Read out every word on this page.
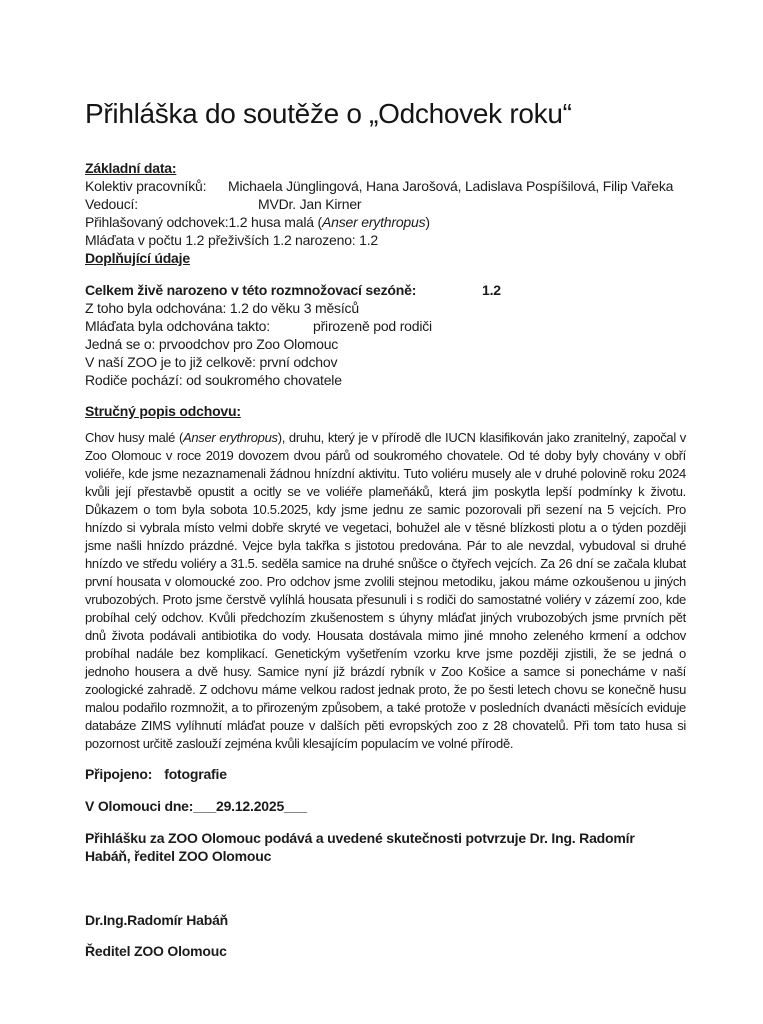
Přihláška do soutěže o „Odchovek roku“
Základní data:
Kolektiv pracovníků: Michaela Jünglingová, Hana Jarošová, Ladislava Pospíšilová, Filip Vařeka
Vedoucí:	MVDr. Jan Kirner
Přihlašovaný odchovek:1.2 husa malá (Anser erythropus)
Mláďata v počtu 1.2 přeživších 1.2 narozeno: 1.2
Doplňující údaje
Celkem živě narozeno v této rozmnožovací sezóně:	1.2
Z toho byla odchována: 1.2 do věku 3 měsíců
Mláďata byla odchována takto:	přirozeně pod rodiči
Jedná se o: prvoodchov pro Zoo Olomouc
V naší ZOO je to již celkově: první odchov
Rodiče pochází: od soukromého chovatele
Stručný popis odchovu:

Chov husy malé (Anser erythropus), druhu, který je v přírodě dle IUCN klasifikován jako zranitelný, započal v Zoo Olomouc v roce 2019 dovozem dvou párů od soukromého chovatele. Od té doby byly chovány v obří voliéře, kde jsme nezaznamenali žádnou hnízdní aktivitu. Tuto voliéru musely ale v druhé polovině roku 2024 kvůli její přestavbě opustit a ocitly se ve voliéře plameňáků, která jim poskytla lepší podmínky k životu. Důkazem o tom byla sobota 10.5.2025, kdy jsme jednu ze samic pozorovali při sezení na 5 vejcích. Pro hnízdo si vybrala místo velmi dobře skryté ve vegetaci, bohužel ale v těsné blízkosti plotu a o týden později jsme našli hnízdo prázdné. Vejce byla takřka s jistotou predována. Pár to ale nevzdal, vybudoval si druhé hnízdo ve středu voliéry a 31.5. seděla samice na druhé snůšce o čtyřech vejcích. Za 26 dní se začala klubat první housata v olomoucké zoo. Pro odchov jsme zvolili stejnou metodiku, jakou máme ozkoušenou u jiných vrubozobých. Proto jsme čerstvě vylíhlá housata přesunuli i s rodiči do samostatné voliéry v zázemí zoo, kde probíhal celý odchov. Kvůli předchozím zkušenostem s úhyny mláďat jiných vrubozobých jsme prvních pět dnů života podávali antibiotika do vody. Housata dostávala mimo jiné mnoho zeleného krmení a odchov probíhal nadále bez komplikací. Genetickým vyšetřením vzorku krve jsme později zjistili, že se jedná o jednoho housera a dvě husy. Samice nyní již brázdí rybník v Zoo Košice a samce si ponecháme v naší zoologické zahradě. Z odchovu máme velkou radost jednak proto, že po šesti letech chovu se konečně husu malou podařilo rozmnožit, a to přirozeným způsobem, a také protože v posledních dvanácti měsících eviduje databáze ZIMS vylíhnutí mláďat pouze v dalších pěti evropských zoo z 28 chovatelů. Při tom tato husa si pozornost určitě zaslouží zejména kvůli klesajícím populacím ve volné přírodě.

Připojeno: fotografie
V Olomouci dne:___29.12.2025___
Přihlášku za ZOO Olomouc podává a uvedené skutečnosti potvrzuje Dr. Ing. Radomír  Habáň, ředitel ZOO Olomouc
Dr.Ing.Radomír Habáň
Ředitel ZOO Olomouc
